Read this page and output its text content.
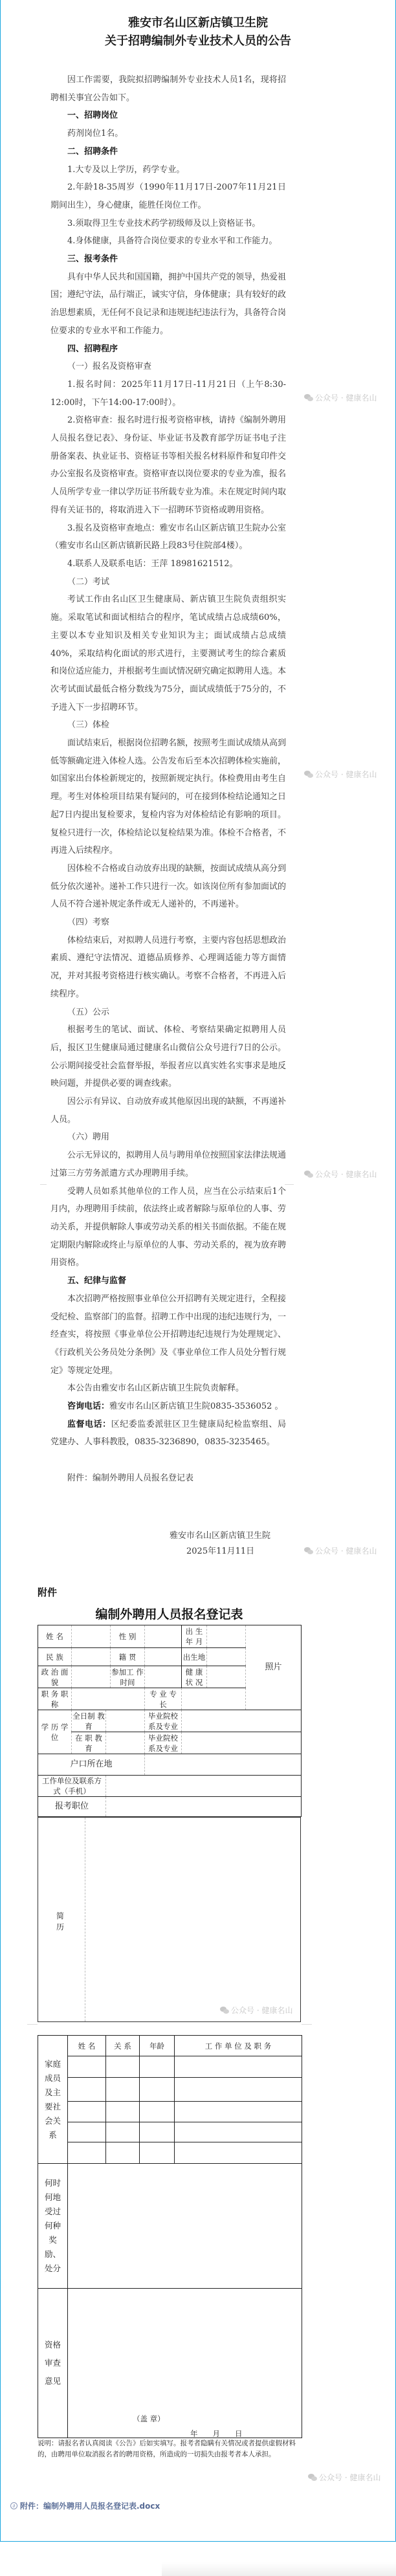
雅安市名山区新店镇卫生院
关于招聘编制外专业技术人员的公告

因工作需要，我院拟招聘编制外专业技术人员1名，现将招聘相关事宜公告如下。

一、招聘岗位

药剂岗位1名。

二、招聘条件

1.大专及以上学历，药学专业。

2.年龄18-35周岁（1990年11月17日-2007年11月21日期间出生），身心健康，能胜任岗位工作。

3.须取得卫生专业技术药学初级师及以上资格证书。

4.身体健康，具备符合岗位要求的专业水平和工作能力。

三、报考条件

具有中华人民共和国国籍，拥护中国共产党的领导，热爱祖国；遵纪守法，品行端正，诚实守信，身体健康；具有较好的政治思想素质，无任何不良记录和违规违纪违法行为，具备符合岗位要求的专业水平和工作能力。

四、招聘程序

（一）报名及资格审查

1.报名时间：2025年11月17日-11月21日（上午8:30-12:00时，下午14:00-17:00时）。

2.资格审查：报名时进行报考资格审核，请持《编制外聘用人员报名登记表》、身份证、毕业证书及教育部学历证书电子注册备案表、执业证书、资格证书等相关报名材料原件和复印件交办公室报名及资格审查。资格审查以岗位要求的专业为准，报名人员所学专业一律以学历证书所载专业为准。未在规定时间内取得有关证书的，将取消进入下一招聘环节资格或聘用资格。

3.报名及资格审查地点：雅安市名山区新店镇卫生院办公室（雅安市名山区新店镇新民路上段83号住院部4楼）。

4.联系人及联系电话：王萍 18981621512。

（二）考试

考试工作由名山区卫生健康局、新店镇卫生院负责组织实施。采取笔试和面试相结合的程序，笔试成绩占总成绩60%，主要以本专业知识及相关专业知识为主；面试成绩占总成绩40%，采取结构化面试的形式进行，主要测试考生的综合素质和岗位适应能力，并根据考生面试情况研究确定拟聘用人选。本次考试面试最低合格分数线为75分，面试成绩低于75分的，不予进入下一步招聘环节。

（三）体检

面试结束后，根据岗位招聘名额，按照考生面试成绩从高到低等额确定进入体检人选。公告发布后至本次招聘体检实施前，如国家出台体检新规定的，按照新规定执行。体检费用由考生自理。考生对体检项目结果有疑问的，可在接到体检结论通知之日起7日内提出复检要求，复检内容为对体检结论有影响的项目。复检只进行一次，体检结论以复检结果为准。体检不合格者，不再进入后续程序。

因体检不合格或自动放弃出现的缺额，按面试成绩从高分到低分依次递补。递补工作只进行一次。如该岗位所有参加面试的人员不符合递补规定条件或无人递补的，不再递补。

（四）考察

体检结束后，对拟聘人员进行考察，主要内容包括思想政治素质、遵纪守法情况、道德品质修养、心理调适能力等方面情况，并对其报考资格进行核实确认。考察不合格者，不再进入后续程序。

（五）公示

根据考生的笔试、面试、体检、考察结果确定拟聘用人员后，报区卫生健康局通过健康名山微信公众号进行7日的公示。公示期间接受社会监督举报，举报者应以真实姓名实事求是地反映问题，并提供必要的调查线索。

因公示有异议、自动放弃或其他原因出现的缺额，不再递补人员。

（六）聘用

公示无异议的，拟聘用人员与聘用单位按照国家法律法规通过第三方劳务派遣方式办理聘用手续。

受聘人员如系其他单位的工作人员，应当在公示结束后1个月内，办理聘用手续前，依法终止或者解除与原单位的人事、劳动关系，并提供解除人事或劳动关系的相关书面依据。不能在规定期限内解除或终止与原单位的人事、劳动关系的，视为放弃聘用资格。

五、纪律与监督

本次招聘严格按照事业单位公开招聘有关规定进行，全程接受纪检、监察部门的监督。招聘工作中出现的违纪违规行为，一经查实，将按照《事业单位公开招聘违纪违规行为处理规定》、《行政机关公务员处分条例》及《事业单位工作人员处分暂行规定》等规定处理。

本公告由雅安市名山区新店镇卫生院负责解释。

咨询电话：雅安市名山区新店镇卫生院0835-3536052 。

监督电话：区纪委监委派驻区卫生健康局纪检监察组、局党建办、人事科教股，0835-3236890，0835-3235465。

附件：编制外聘用人员报名登记表

雅安市名山区新店镇卫生院
2025年11月11日
附件
编制外聘用人员报名登记表
姓 名			性 别		出 生 年 月		照片
民 族			籍 贯		出生地		
政 治 面 貌			参加工 作时间		健 康 状 况		
职 务 职 称				专 业 专 长			
学 历 学 位	全日制 教育			毕业院校 系及专业			
	在 职 教 育			毕业院校 系及专业			
户口所在地							
工作单位及联系方式（手机）							
报考职位							
简历
家庭成员及主要社会关系	姓 名	关 系	年龄	工 作 单 位 及 职 务

何时何地受过何种奖励、处分				
资格审查意见	（盖 章）
年　　月　　日			
说明：请报名者认真阅读《公告》后如实填写。报考者隐瞒有关情况或者提供虚假材料的，由聘用单位取消报名者的聘用资格，所造成的一切损失由报考者本人承担。
公众号 · 健康名山
公众号 · 健康名山
公众号 · 健康名山
公众号 · 健康名山
公众号 · 健康名山
公众号 · 健康名山
∂ 附件：编制外聘用人员报名登记表.docx
